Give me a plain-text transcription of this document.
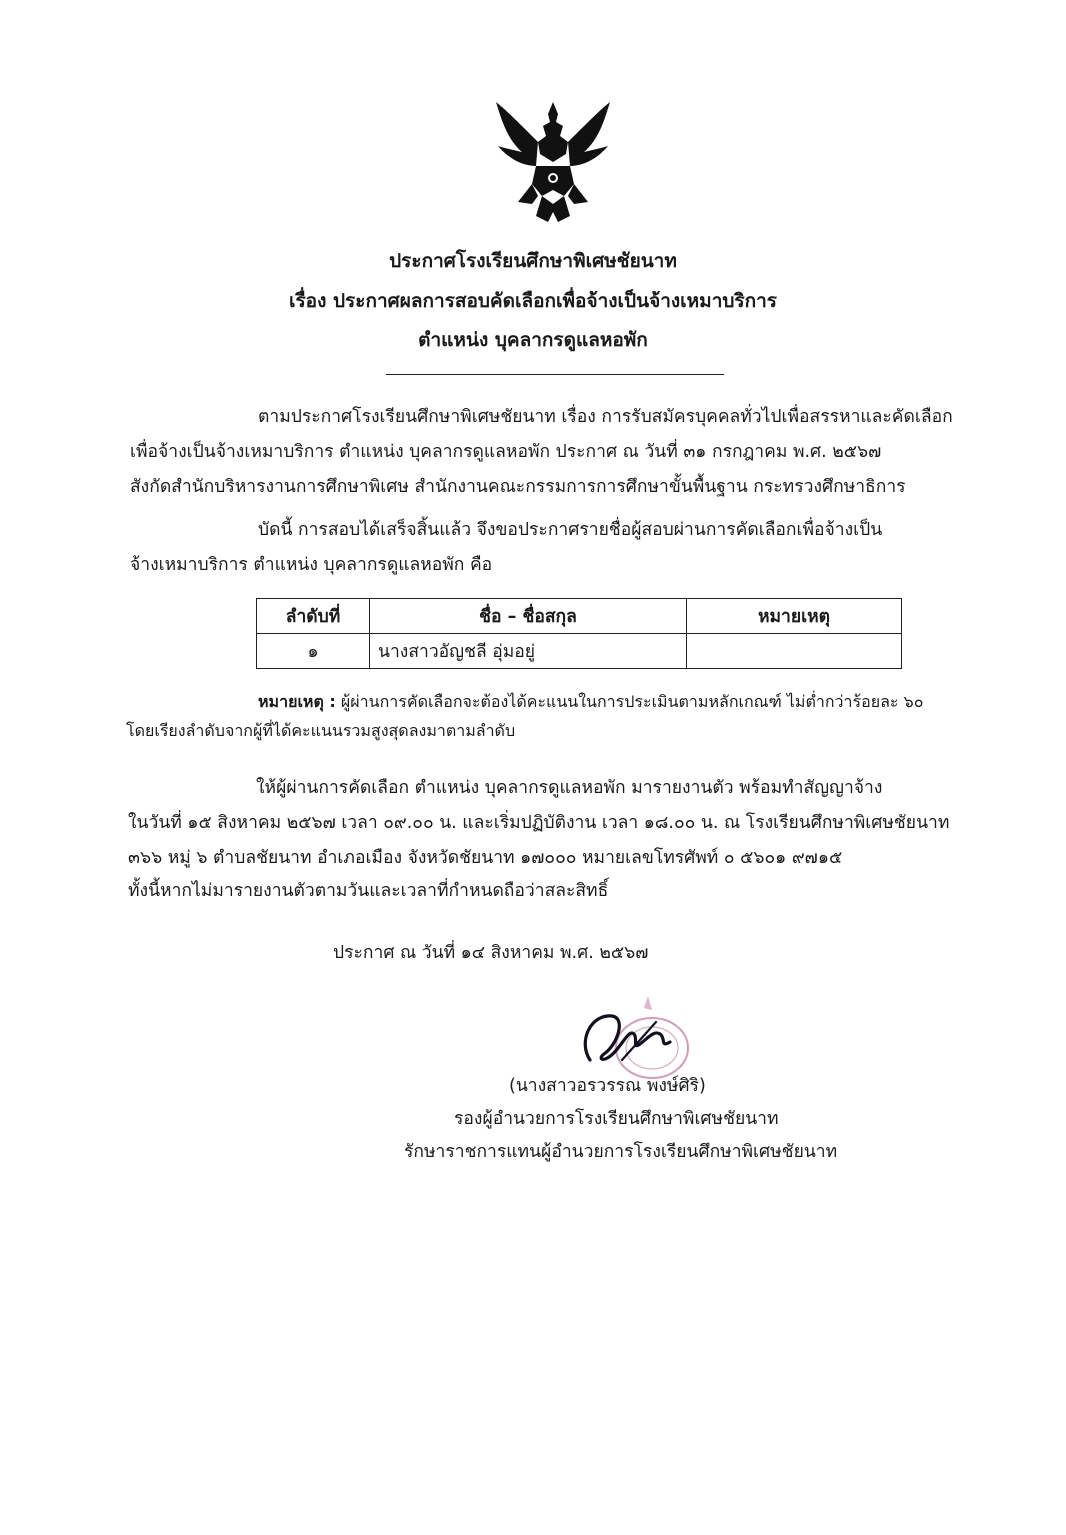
ประกาศโรงเรียนศึกษาพิเศษชัยนาท
เรื่อง ประกาศผลการสอบคัดเลือกเพื่อจ้างเป็นจ้างเหมาบริการ
ตำแหน่ง บุคลากรดูแลหอพัก
ตามประกาศโรงเรียนศึกษาพิเศษชัยนาท เรื่อง การรับสมัครบุคคลทั่วไปเพื่อสรรหาและคัดเลือก
เพื่อจ้างเป็นจ้างเหมาบริการ ตำแหน่ง บุคลากรดูแลหอพัก ประกาศ ณ วันที่ ๓๑ กรกฎาคม พ.ศ. ๒๕๖๗
สังกัดสำนักบริหารงานการศึกษาพิเศษ สำนักงานคณะกรรมการการศึกษาขั้นพื้นฐาน กระทรวงศึกษาธิการ
บัดนี้ การสอบได้เสร็จสิ้นแล้ว จึงขอประกาศรายชื่อผู้สอบผ่านการคัดเลือกเพื่อจ้างเป็น
จ้างเหมาบริการ ตำแหน่ง บุคลากรดูแลหอพัก คือ
ลำดับที่	ชื่อ – ชื่อสกุล	หมายเหตุ
๑	นางสาวอัญชลี อุ่มอยู่	
หมายเหตุ : ผู้ผ่านการคัดเลือกจะต้องได้คะแนนในการประเมินตามหลักเกณฑ์ ไม่ต่ำกว่าร้อยละ ๖๐
โดยเรียงลำดับจากผู้ที่ได้คะแนนรวมสูงสุดลงมาตามลำดับ
ให้ผู้ผ่านการคัดเลือก ตำแหน่ง บุคลากรดูแลหอพัก มารายงานตัว พร้อมทำสัญญาจ้าง
ในวันที่ ๑๕ สิงหาคม ๒๕๖๗ เวลา ๐๙.๐๐ น. และเริ่มปฏิบัติงาน เวลา ๑๘.๐๐ น. ณ โรงเรียนศึกษาพิเศษชัยนาท
๓๖๖ หมู่ ๖ ตำบลชัยนาท อำเภอเมือง จังหวัดชัยนาท ๑๗๐๐๐ หมายเลขโทรศัพท์ ๐ ๕๖๐๑ ๙๗๑๕
ทั้งนี้หากไม่มารายงานตัวตามวันและเวลาที่กำหนดถือว่าสละสิทธิ์
ประกาศ ณ วันที่ ๑๔ สิงหาคม พ.ศ. ๒๕๖๗
(นางสาวอรวรรณ พงษ์ศิริ)
รองผู้อำนวยการโรงเรียนศึกษาพิเศษชัยนาท
รักษาราชการแทนผู้อำนวยการโรงเรียนศึกษาพิเศษชัยนาท
